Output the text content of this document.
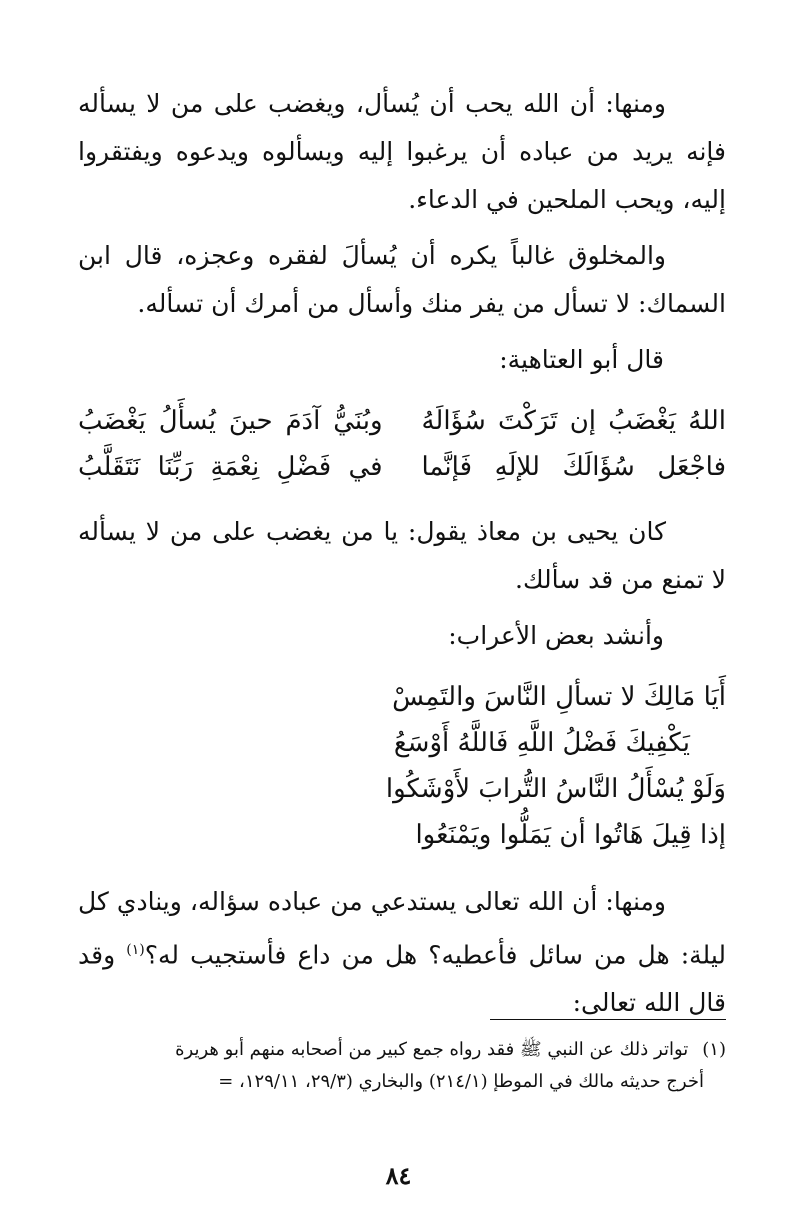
ومنها: أن الله يحب أن يُسأل، ويغضب على من لا يسأله فإنه يريد من عباده أن يرغبوا إليه ويسألوه ويدعوه ويفتقروا إليه، ويحب الملحين في الدعاء.

والمخلوق غالباً يكره أن يُسألَ لفقره وعجزه، قال ابن السماك: لا تسأل من يفر منك وأسأل من أمرك أن تسأله.

قال أبو العتاهية:

اللهُ يَغْضَبُ إن تَرَكْتَ سُؤَالَهُ
وبُنَيُّ آدَمَ حينَ يُسأَلُ يَغْضَبُ
فاجْعَل سُؤَالَكَ للإلَهِ فَإنَّما
في فَضْلِ نِعْمَةِ رَبِّنَا نَتَقَلَّبُ

كان يحيى بن معاذ يقول: يا من يغضب على من لا يسأله لا تمنع من قد سألك.

وأنشد بعض الأعراب:

أَيَا مَالِكَ لا تسألِ النَّاسَ والتَمِسْ

يَكْفِيكَ فَضْلُ اللَّهِ فَاللَّهُ أَوْسَعُ

وَلَوْ يُسْأَلُ النَّاسُ التُّرابَ لأَوْشَكُوا

إذا قِيلَ هَاتُوا أن يَمَلُّوا ويَمْنَعُوا

ومنها: أن الله تعالى يستدعي من عباده سؤاله، وينادي كل ليلة: هل من سائل فأعطيه؟ هل من داع فأستجيب له؟$^{(١)}$ وقد قال الله تعالى:

(١)تواتر ذلك عن النبي ﷺ فقد رواه جمع كبير من أصحابه منهم أبو هريرة

أخرج حديثه مالك في الموطإ (٢١٤/١) والبخاري (٢٩/٣، ١٢٩/١١، =

٨٤
